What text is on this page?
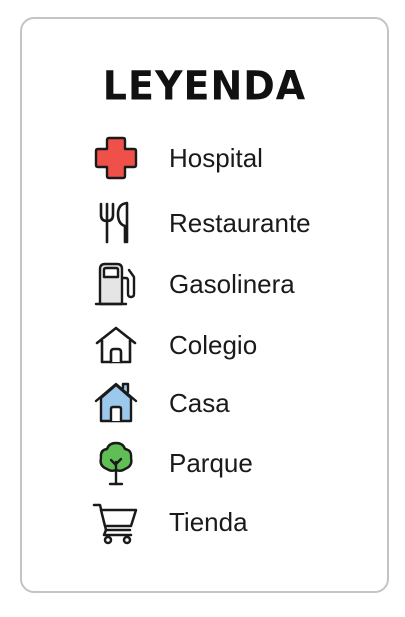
LEYENDA
Hospital
Restaurante
Gasolinera
Colegio
Casa
Parque
Tienda
